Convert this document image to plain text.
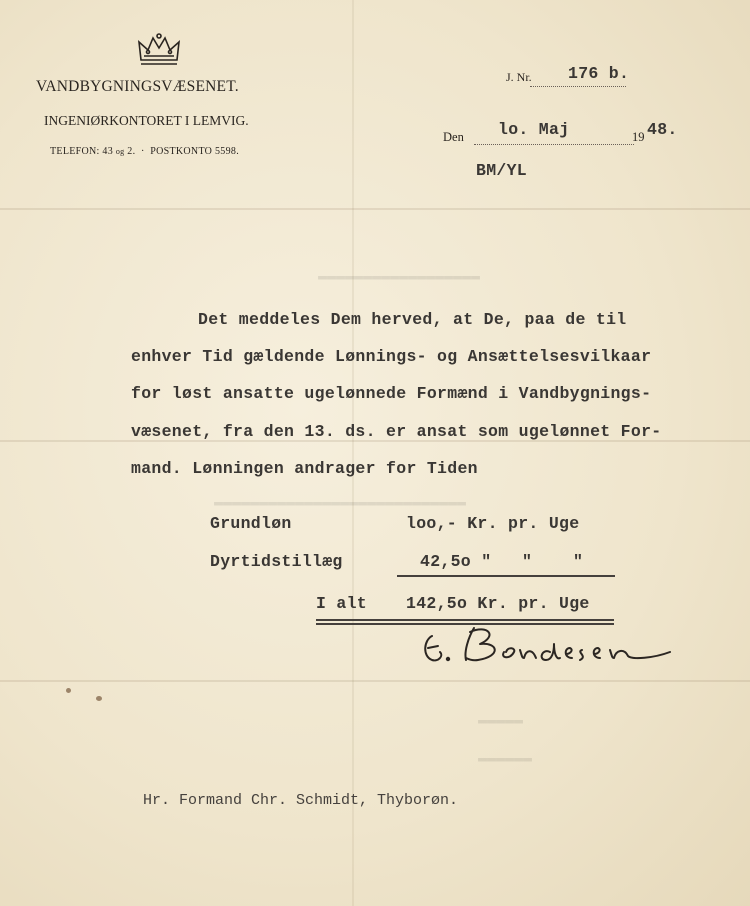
VANDBYGNINGSVÆSENET.
INGENIØRKONTORET I LEMVIG.
TELEFON: 43 og 2. · POSTKONTO 5598.
J. Nr. 176 b.
Den lo. Maj	19 48.
BM/YL
▬▬▬▬▬▬▬▬▬▬▬▬▬▬▬▬▬▬
▬▬▬▬▬▬▬▬▬▬▬▬▬▬▬▬▬▬▬▬▬▬▬▬▬▬▬▬
▬▬▬▬▬
▬▬▬▬▬▬
Det meddeles Dem herved, at De, paa de til
enhver Tid gældende Lønnings- og Ansættelsesvilkaar
for løst ansatte ugelønnede Formænd i Vandbygnings-
væsenet, fra den 13. ds. er ansat som ugelønnet For-
mand. Lønningen andrager for Tiden
Grundløn	loo,- Kr. pr. Uge
Dyrtidstillæg	42,5o "   "    "
I alt 142,5o Kr. pr. Uge
Hr. Formand Chr. Schmidt, Thyborøn.
